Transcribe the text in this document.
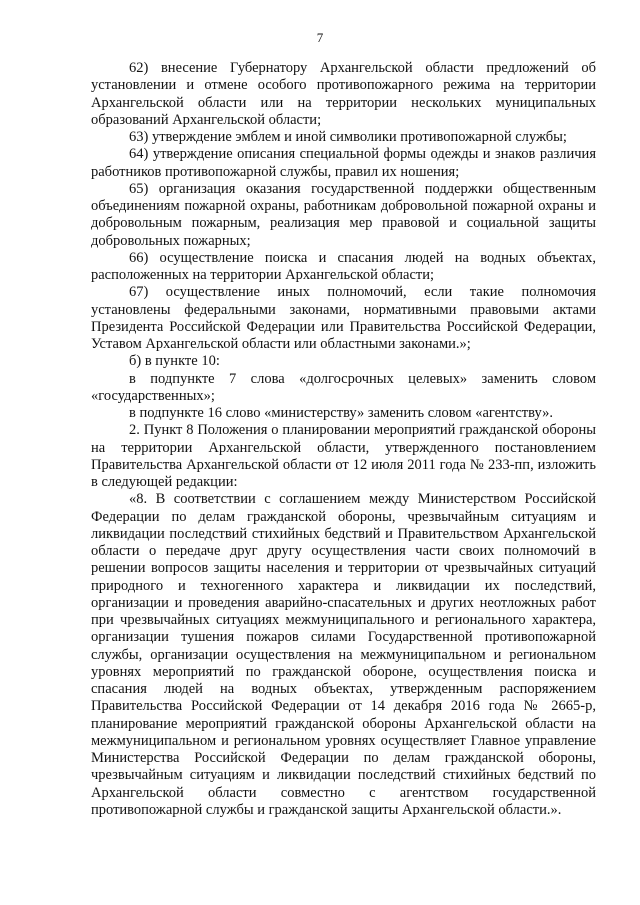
7

62) внесение Губернатору Архангельской области предложений об установлении и отмене особого противопожарного режима на территории Архангельской области или на территории нескольких муниципальных образований Архангельской области;

63) утверждение эмблем и иной символики противопожарной службы;

64) утверждение описания специальной формы одежды и знаков различия работников противопожарной службы, правил их ношения;

65) организация оказания государственной поддержки общественным объединениям пожарной охраны, работникам добровольной пожарной охраны и добровольным пожарным, реализация мер правовой и социальной защиты добровольных пожарных;

66) осуществление поиска и спасания людей на водных объектах, расположенных на территории Архангельской области;

67) осуществление иных полномочий, если такие полномочия установлены федеральными законами, нормативными правовыми актами Президента Российской Федерации или Правительства Российской Федерации, Уставом Архангельской области или областными законами.»;

б) в пункте 10:

в подпункте 7 слова «долгосрочных целевых» заменить словом «государственных»;

в подпункте 16 слово «министерству» заменить словом «агентству».

2. Пункт 8 Положения о планировании мероприятий гражданской обороны на территории Архангельской области, утвержденного постановлением Правительства Архангельской области от 12 июля 2011 года № 233-пп, изложить в следующей редакции:

«8. В соответствии с соглашением между Министерством Российской Федерации по делам гражданской обороны, чрезвычайным ситуациям и ликвидации последствий стихийных бедствий и Правительством Архангельской области о передаче друг другу осуществления части своих полномочий в решении вопросов защиты населения и территории от чрезвычайных ситуаций природного и техногенного характера и ликвидации их последствий, организации и проведения аварийно-спасательных и других неотложных работ при чрезвычайных ситуациях межмуниципального и регионального характера, организации тушения пожаров силами Государственной противопожарной службы, организации осуществления на межмуниципальном и региональном уровнях мероприятий по гражданской обороне, осуществления поиска и спасания людей на водных объектах, утвержденным распоряжением Правительства Российской Федерации от 14 декабря 2016 года № 2665-р, планирование мероприятий гражданской обороны Архангельской области на межмуниципальном и региональном уровнях осуществляет Главное управление Министерства Российской Федерации по делам гражданской обороны, чрезвычайным ситуациям и ликвидации последствий стихийных бедствий по Архангельской области совместно с агентством государственной противопожарной службы и гражданской защиты Архангельской области.».
